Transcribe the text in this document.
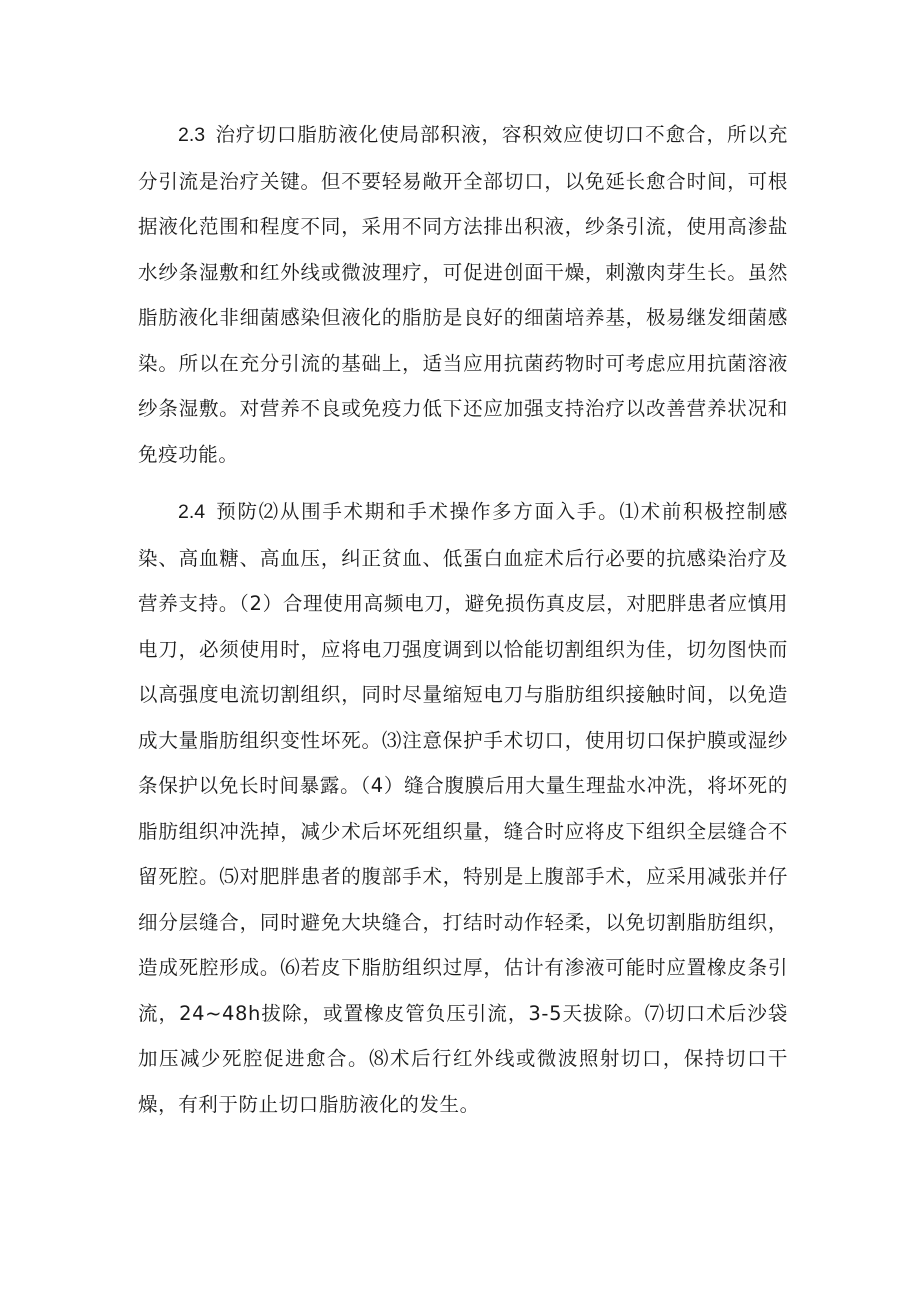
2.3 治疗切口脂肪液化使局部积液，容积效应使切口不愈合，所以充分引流是治疗关键。但不要轻易敞开全部切口，以免延长愈合时间，可根据液化范围和程度不同，采用不同方法排出积液，纱条引流，使用高渗盐水纱条湿敷和红外线或微波理疗，可促进创面干燥，刺激肉芽生长。虽然脂肪液化非细菌感染但液化的脂肪是良好的细菌培养基，极易继发细菌感染。所以在充分引流的基础上，适当应用抗菌药物时可考虑应用抗菌溶液纱条湿敷。对营养不良或免疫力低下还应加强支持治疗以改善营养状况和免疫功能。

2.4 预防⑵从围手术期和手术操作多方面入手。⑴术前积极控制感染、高血糖、高血压，纠正贫血、低蛋白血症术后行必要的抗感染治疗及营养支持。（2）合理使用高频电刀，避免损伤真皮层，对肥胖患者应慎用电刀，必须使用时，应将电刀强度调到以恰能切割组织为佳，切勿图快而以高强度电流切割组织，同时尽量缩短电刀与脂肪组织接触时间，以免造成大量脂肪组织变性坏死。⑶注意保护手术切口，使用切口保护膜或湿纱条保护以免长时间暴露。（4）缝合腹膜后用大量生理盐水冲洗，将坏死的脂肪组织冲洗掉，减少术后坏死组织量，缝合时应将皮下组织全层缝合不留死腔。⑸对肥胖患者的腹部手术，特别是上腹部手术，应采用减张并仔细分层缝合，同时避免大块缝合，打结时动作轻柔，以免切割脂肪组织，造成死腔形成。⑹若皮下脂肪组织过厚，估计有渗液可能时应置橡皮条引流，24~48h拔除，或置橡皮管负压引流，3-5天拔除。⑺切口术后沙袋加压减少死腔促进愈合。⑻术后行红外线或微波照射切口，保持切口干燥，有利于防止切口脂肪液化的发生。
